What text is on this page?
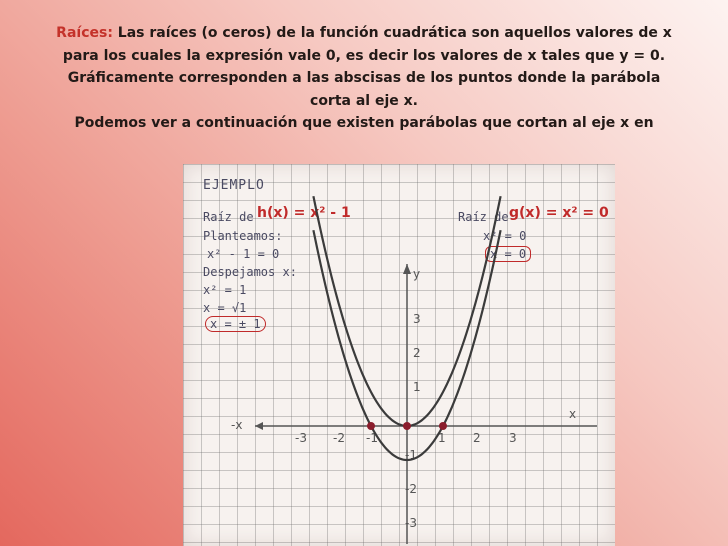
Raíces: Las raíces (o ceros) de la función cuadrática son aquellos valores de x
para los cuales la expresión vale 0, es decir los valores de x tales que y = 0.
Gráficamente corresponden a las abscisas de los puntos donde la parábola
corta al eje x.
Podemos ver a continuación que existen parábolas que cortan al eje x en
EJEMPLO
Raíz de h(x) = x² - 1
Planteamos:
x² - 1 = 0
Despejamos x:
x² = 1
x = √1
x = ± 1
Raíz de g(x) = x² = 0
x² = 0
x = 0
y
x
-x
-3 -2 -1	1 2 3
3
2
1
-1
-2
-3
